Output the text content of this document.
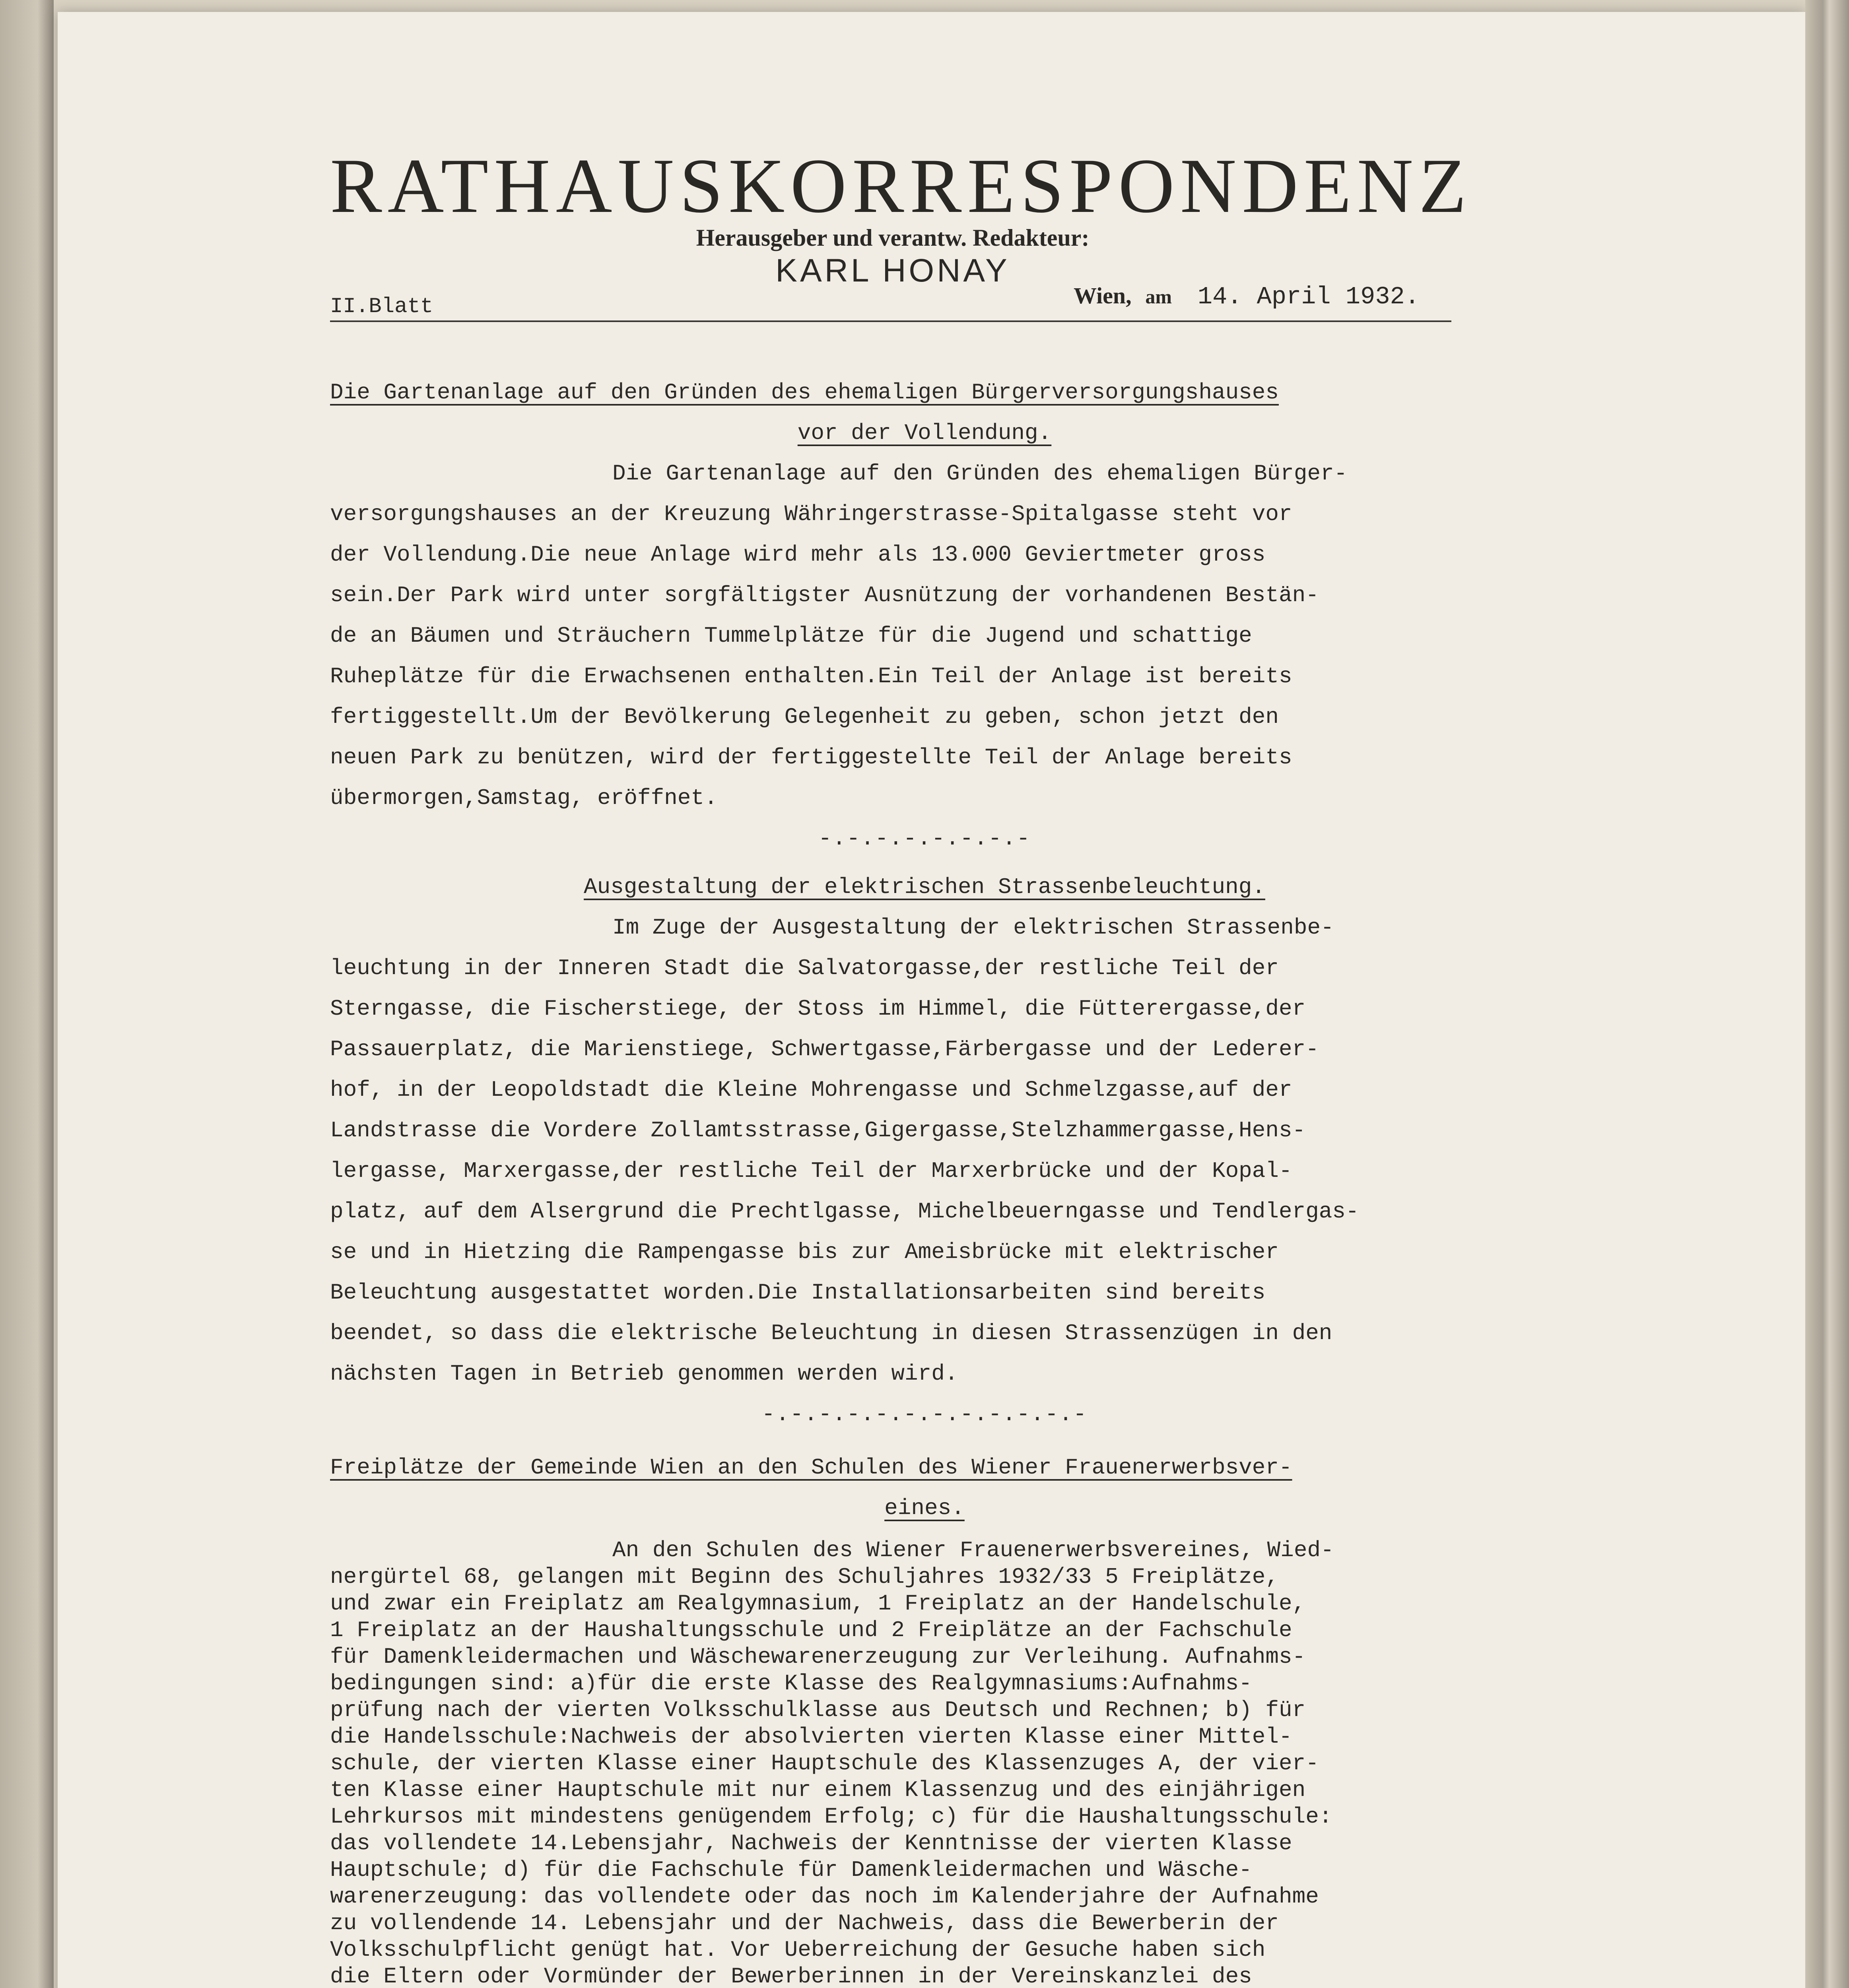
RATHAUSKORRESPONDENZ
Herausgeber und verantw. Redakteur:
KARL HONAY
II.Blatt	Wien, am 14. April 1932.
Die Gartenanlage auf den Gründen des ehemaligen Bürgerversorgungshauses
vor der Vollendung.
Die Gartenanlage auf den Gründen des ehemaligen Bürger-
versorgungshauses an der Kreuzung Währingerstrasse-Spitalgasse steht vor
der Vollendung.Die neue Anlage wird mehr als 13.000 Geviertmeter gross
sein.Der Park wird unter sorgfältigster Ausnützung der vorhandenen Bestän-
de an Bäumen und Sträuchern Tummelplätze für die Jugend und schattige
Ruheplätze für die Erwachsenen enthalten.Ein Teil der Anlage ist bereits
fertiggestellt.Um der Bevölkerung Gelegenheit zu geben, schon jetzt den
neuen Park zu benützen, wird der fertiggestellte Teil der Anlage bereits
übermorgen,Samstag, eröffnet.
-.-.-.-.-.-.-.-
Ausgestaltung der elektrischen Strassenbeleuchtung.
Im Zuge der Ausgestaltung der elektrischen Strassenbe-
leuchtung in der Inneren Stadt die Salvatorgasse,der restliche Teil der
Sterngasse, die Fischerstiege, der Stoss im Himmel, die Fütterergasse,der
Passauerplatz, die Marienstiege, Schwertgasse,Färbergasse und der Lederer-
hof, in der Leopoldstadt die Kleine Mohrengasse und Schmelzgasse,auf der
Landstrasse die Vordere Zollamtsstrasse,Gigergasse,Stelzhammergasse,Hens-
lergasse, Marxergasse,der restliche Teil der Marxerbrücke und der Kopal-
platz, auf dem Alsergrund die Prechtlgasse, Michelbeuerngasse und Tendlergas-
se und in Hietzing die Rampengasse bis zur Ameisbrücke mit elektrischer
Beleuchtung ausgestattet worden.Die Installationsarbeiten sind bereits
beendet, so dass die elektrische Beleuchtung in diesen Strassenzügen in den
nächsten Tagen in Betrieb genommen werden wird.
-.-.-.-.-.-.-.-.-.-.-.-
Freiplätze der Gemeinde Wien an den Schulen des Wiener Frauenerwerbsver-
eines.
An den Schulen des Wiener Frauenerwerbsvereines, Wied-
nergürtel 68, gelangen mit Beginn des Schuljahres 1932/33 5 Freiplätze,
und zwar ein Freiplatz am Realgymnasium, 1 Freiplatz an der Handelschule,
1 Freiplatz an der Haushaltungsschule und 2 Freiplätze an der Fachschule
für Damenkleidermachen und Wäschewarenerzeugung zur Verleihung. Aufnahms-
bedingungen sind: a)für die erste Klasse des Realgymnasiums:Aufnahms-
prüfung nach der vierten Volksschulklasse aus Deutsch und Rechnen; b) für
die Handelsschule:Nachweis der absolvierten vierten Klasse einer Mittel-
schule, der vierten Klasse einer Hauptschule des Klassenzuges A, der vier-
ten Klasse einer Hauptschule mit nur einem Klassenzug und des einjährigen
Lehrkursos mit mindestens genügendem Erfolg; c) für die Haushaltungsschule:
das vollendete 14.Lebensjahr, Nachweis der Kenntnisse der vierten Klasse
Hauptschule; d) für die Fachschule für Damenkleidermachen und Wäsche-
warenerzeugung: das vollendete oder das noch im Kalenderjahre der Aufnahme
zu vollendende 14. Lebensjahr und der Nachweis, dass die Bewerberin der
Volksschulpflicht genügt hat. Vor Ueberreichung der Gesuche haben sich
die Eltern oder Vormünder der Bewerberinnen in der Vereinskanzlei des
